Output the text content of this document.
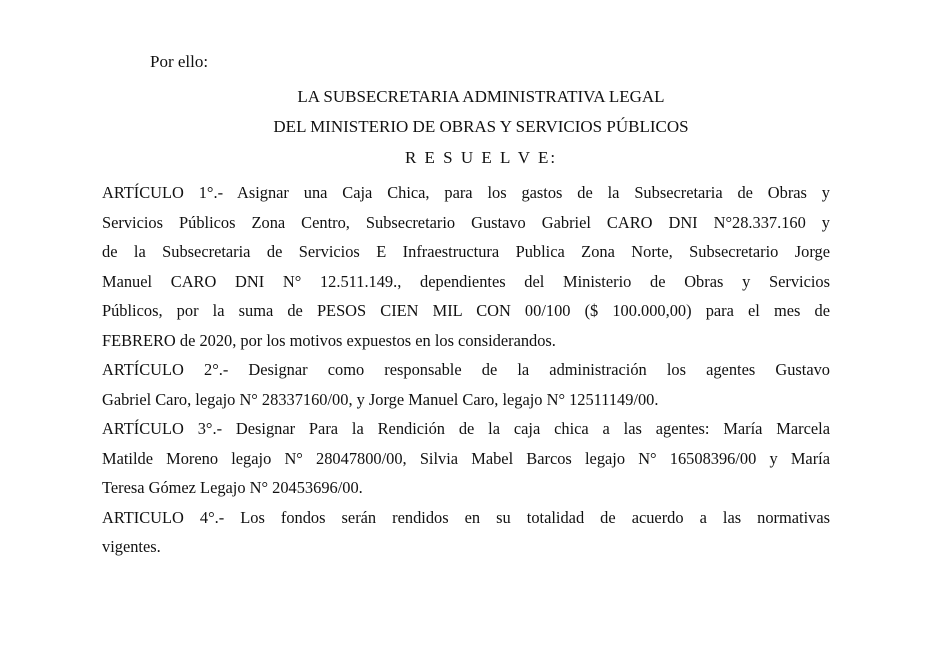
Por ello:
LA SUBSECRETARIA ADMINISTRATIVA LEGAL
DEL MINISTERIO DE OBRAS Y SERVICIOS PÚBLICOS
R E S U E L V E:
ARTÍCULO 1°.- Asignar una Caja Chica, para los gastos de la Subsecretaria de Obras y
Servicios Públicos Zona Centro, Subsecretario Gustavo Gabriel CARO DNI N°28.337.160 y
de la Subsecretaria de Servicios E Infraestructura Publica Zona Norte, Subsecretario Jorge
Manuel CARO DNI N° 12.511.149., dependientes del Ministerio de Obras y Servicios
Públicos, por la suma de PESOS CIEN MIL CON 00/100 ($ 100.000,00) para el mes de
FEBRERO de 2020, por los motivos expuestos en los considerandos.
ARTÍCULO 2°.- Designar como responsable de la administración los agentes Gustavo
Gabriel Caro, legajo N° 28337160/00, y Jorge Manuel Caro, legajo N° 12511149/00.
ARTÍCULO 3°.- Designar Para la Rendición de la caja chica a las agentes: María Marcela
Matilde Moreno legajo N° 28047800/00, Silvia Mabel Barcos legajo N° 16508396/00 y María
Teresa Gómez Legajo N° 20453696/00.
ARTICULO 4°.- Los fondos serán rendidos en su totalidad de acuerdo a las normativas
vigentes.
